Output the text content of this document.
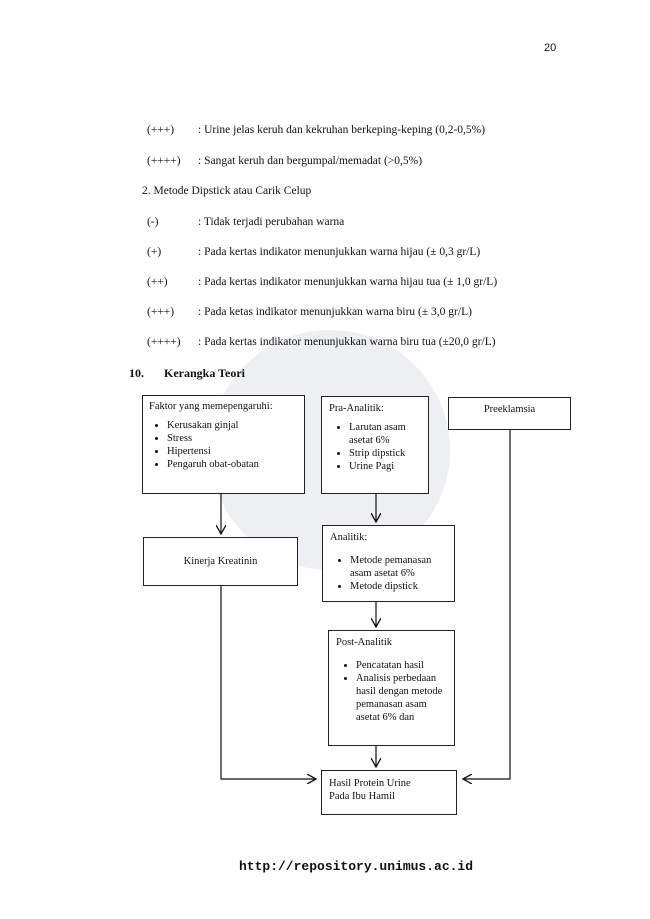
20
(+++) : Urine jelas keruh dan kekruhan berkeping-keping (0,2-0,5%)
(++++) : Sangat keruh dan bergumpal/memadat (>0,5%)
2. Metode Dipstick atau Carik Celup
(-)	: Tidak terjadi perubahan warna
(+)	: Pada kertas indikator menunjukkan warna hijau (± 0,3 gr/L)
(++)	: Pada kertas indikator menunjukkan warna hijau tua (± 1,0 gr/L)
(+++) : Pada ketas indikator menunjukkan warna biru (± 3,0 gr/L)
(++++) : Pada kertas indikator menunjukkan warna biru tua (±20,0 gr/L)
10. Kerangka Teori
Faktor yang memepengaruhi:
• Kerusakan ginjal
• Stress
• Hipertensi
• Pengaruh obat-obatan
Pra-Analitik:
• Larutan asam asetat 6%
• Strip dipstick
• Urine Pagi
Preeklamsia
Kinerja Kreatinin
Analitik:
• Metode pemanasan asam asetat 6%
• Metode dipstick
Post-Analitik
• Pencatatan hasil
• Analisis perbedaan hasil dengan metode pemanasan asam asetat 6% dan
Hasil Protein Urine
Pada Ibu Hamil
http://repository.unimus.ac.id
